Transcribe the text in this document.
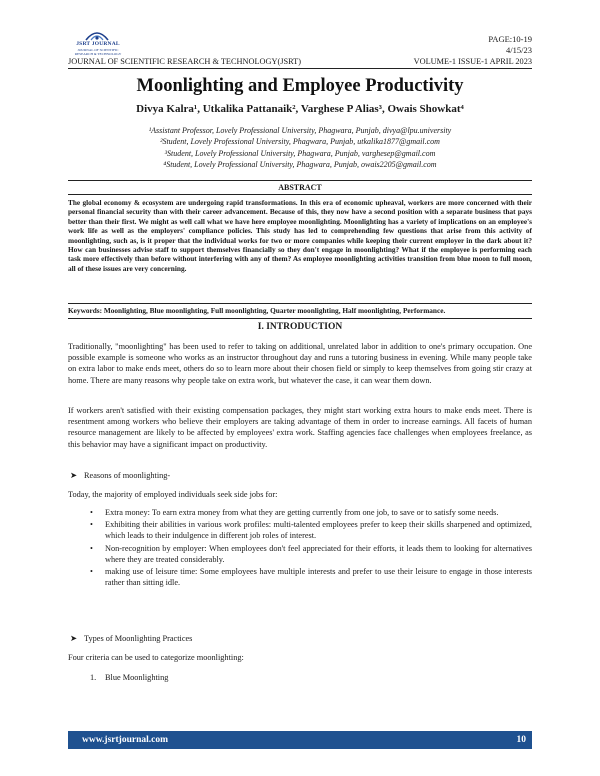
JSRT JOURNAL
JOURNAL OF SCIENTIFIC RESEARCH & TECHNOLOGY
PAGE:10-19
4/15/23
JOURNAL OF SCIENTIFIC RESEARCH & TECHNOLOGY(JSRT)	VOLUME-1 ISSUE-1 APRIL 2023
Moonlighting and Employee Productivity
Divya Kalra¹, Utkalika Pattanaik², Varghese P Alias³, Owais Showkat⁴
¹Assistant Professor, Lovely Professional University, Phagwara, Punjab, divya@lpu.university
²Student, Lovely Professional University, Phagwara, Punjab, utkalika1877@gmail.com
³Student, Lovely Professional University, Phagwara, Punjab, varghesep@gmail.com
⁴Student, Lovely Professional University, Phagwara, Punjab, owais2205@gmail.com
ABSTRACT
The global economy & ecosystem are undergoing rapid transformations. In this era of economic upheaval, workers are more concerned with their personal financial security than with their career advancement. Because of this, they now have a second position with a separate business that pays better than their first. We might as well call what we have here employee moonlighting. Moonlighting has a variety of implications on an employee's work life as well as the employers' compliance policies. This study has led to comprehending few questions that arise from this activity of moonlighting, such as, is it proper that the individual works for two or more companies while keeping their current employer in the dark about it? How can businesses advise staff to support themselves financially so they don't engage in moonlighting? What if the employee is performing each task more effectively than before without interfering with any of them? As employee moonlighting activities transition from blue moon to full moon, all of these issues are very concerning.
Keywords: Moonlighting, Blue moonlighting, Full moonlighting, Quarter moonlighting, Half moonlighting, Performance.
I. INTRODUCTION
Traditionally, "moonlighting" has been used to refer to taking on additional, unrelated labor in addition to one's primary occupation. One possible example is someone who works as an instructor throughout day and runs a tutoring business in evening. While many people take on extra labor to make ends meet, others do so to learn more about their chosen field or simply to keep themselves from going stir crazy at home. There are many reasons why people take on extra work, but whatever the case, it can wear them down.
If workers aren't satisfied with their existing compensation packages, they might start working extra hours to make ends meet. There is resentment among workers who believe their employers are taking advantage of them in order to increase earnings. All facets of human resource management are likely to be affected by employees' extra work. Staffing agencies face challenges when employees freelance, as this behavior may have a significant impact on productivity.
➤ Reasons of moonlighting-
Today, the majority of employed individuals seek side jobs for:
•	Extra money: To earn extra money from what they are getting currently from one job, to save or to satisfy some needs.
•	Exhibiting their abilities in various work profiles: multi-talented employees prefer to keep their skills sharpened and optimized, which leads to their indulgence in different job roles of interest.
•	Non-recognition by employer: When employees don't feel appreciated for their efforts, it leads them to looking for alternatives where they are treated considerably.
•	making use of leisure time: Some employees have multiple interests and prefer to use their leisure to engage in those interests rather than sitting idle.
➤ Types of Moonlighting Practices
Four criteria can be used to categorize moonlighting:
1. Blue Moonlighting
www.jsrtjournal.com	10
